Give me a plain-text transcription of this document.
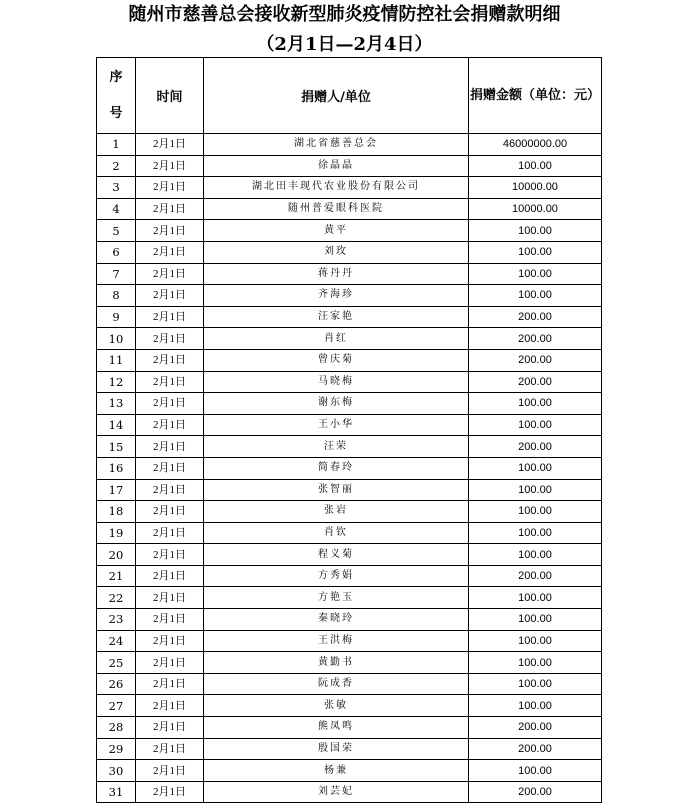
随州市慈善总会接收新型肺炎疫情防控社会捐赠款明细
（2月1日—2月4日）
序号	时间	捐赠人/单位	捐赠金额（单位：元）
1	2月1日	湖北省慈善总会	46000000.00
2	2月1日	徐晶晶	100.00
3	2月1日	湖北田丰现代农业股份有限公司	10000.00
4	2月1日	随州普爱眼科医院	10000.00
5	2月1日	黄平	100.00
6	2月1日	刘玫	100.00
7	2月1日	蒋丹丹	100.00
8	2月1日	齐海珍	100.00
9	2月1日	汪家艳	200.00
10	2月1日	肖红	200.00
11	2月1日	曾庆菊	200.00
12	2月1日	马晓梅	200.00
13	2月1日	谢东梅	100.00
14	2月1日	王小华	100.00
15	2月1日	汪荣	200.00
16	2月1日	简春玲	100.00
17	2月1日	张智丽	100.00
18	2月1日	张岩	100.00
19	2月1日	肖钦	100.00
20	2月1日	程义菊	100.00
21	2月1日	方秀娟	200.00
22	2月1日	方艳玉	100.00
23	2月1日	秦晓玲	100.00
24	2月1日	王洪梅	100.00
25	2月1日	黄勤书	100.00
26	2月1日	阮成香	100.00
27	2月1日	张敏	100.00
28	2月1日	熊凤鸣	200.00
29	2月1日	殷国荣	200.00
30	2月1日	杨兼	100.00
31	2月1日	刘芸妃	200.00
